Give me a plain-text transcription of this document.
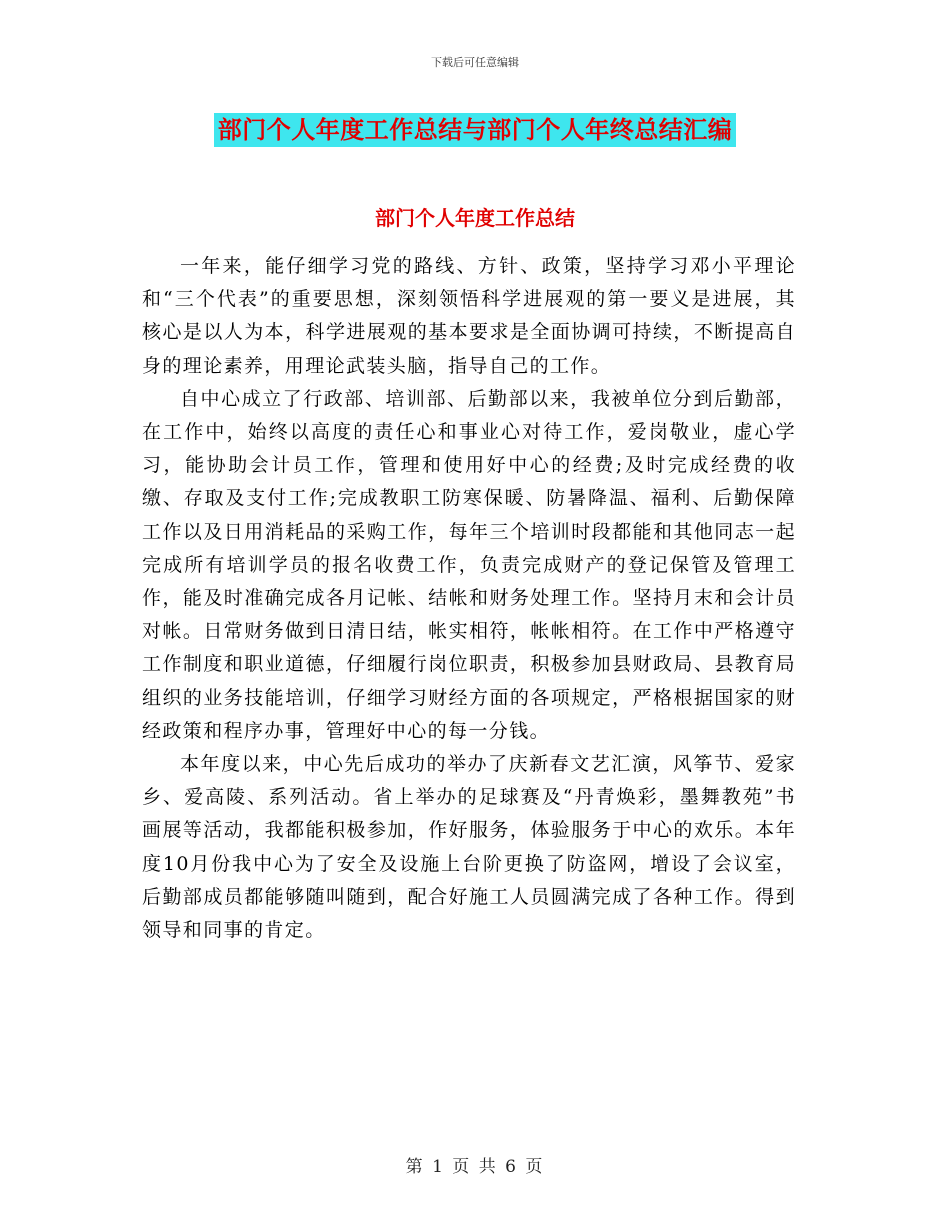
下载后可任意编辑
部门个人年度工作总结与部门个人年终总结汇编
部门个人年度工作总结

一年来，能仔细学习党的路线、方针、政策，坚持学习邓小平理论和“三个代表”的重要思想，深刻领悟科学进展观的第一要义是进展，其核心是以人为本，科学进展观的基本要求是全面协调可持续，不断提高自身的理论素养，用理论武装头脑，指导自己的工作。

自中心成立了行政部、培训部、后勤部以来，我被单位分到后勤部，在工作中，始终以高度的责任心和事业心对待工作，爱岗敬业，虚心学习，能协助会计员工作，管理和使用好中心的经费;及时完成经费的收缴、存取及支付工作;完成教职工防寒保暖、防暑降温、福利、后勤保障工作以及日用消耗品的采购工作，每年三个培训时段都能和其他同志一起完成所有培训学员的报名收费工作，负责完成财产的登记保管及管理工作，能及时准确完成各月记帐、结帐和财务处理工作。坚持月末和会计员对帐。日常财务做到日清日结，帐实相符，帐帐相符。在工作中严格遵守工作制度和职业道德，仔细履行岗位职责，积极参加县财政局、县教育局组织的业务技能培训，仔细学习财经方面的各项规定，严格根据国家的财经政策和程序办事，管理好中心的每一分钱。

本年度以来，中心先后成功的举办了庆新春文艺汇演，风筝节、爱家乡、爱高陵、系列活动。省上举办的足球赛及“丹青焕彩，墨舞教苑”书画展等活动，我都能积极参加，作好服务，体验服务于中心的欢乐。本年度10月份我中心为了安全及设施上台阶更换了防盗网，增设了会议室，后勤部成员都能够随叫随到，配合好施工人员圆满完成了各种工作。得到领导和同事的肯定。

第 1 页 共 6 页
